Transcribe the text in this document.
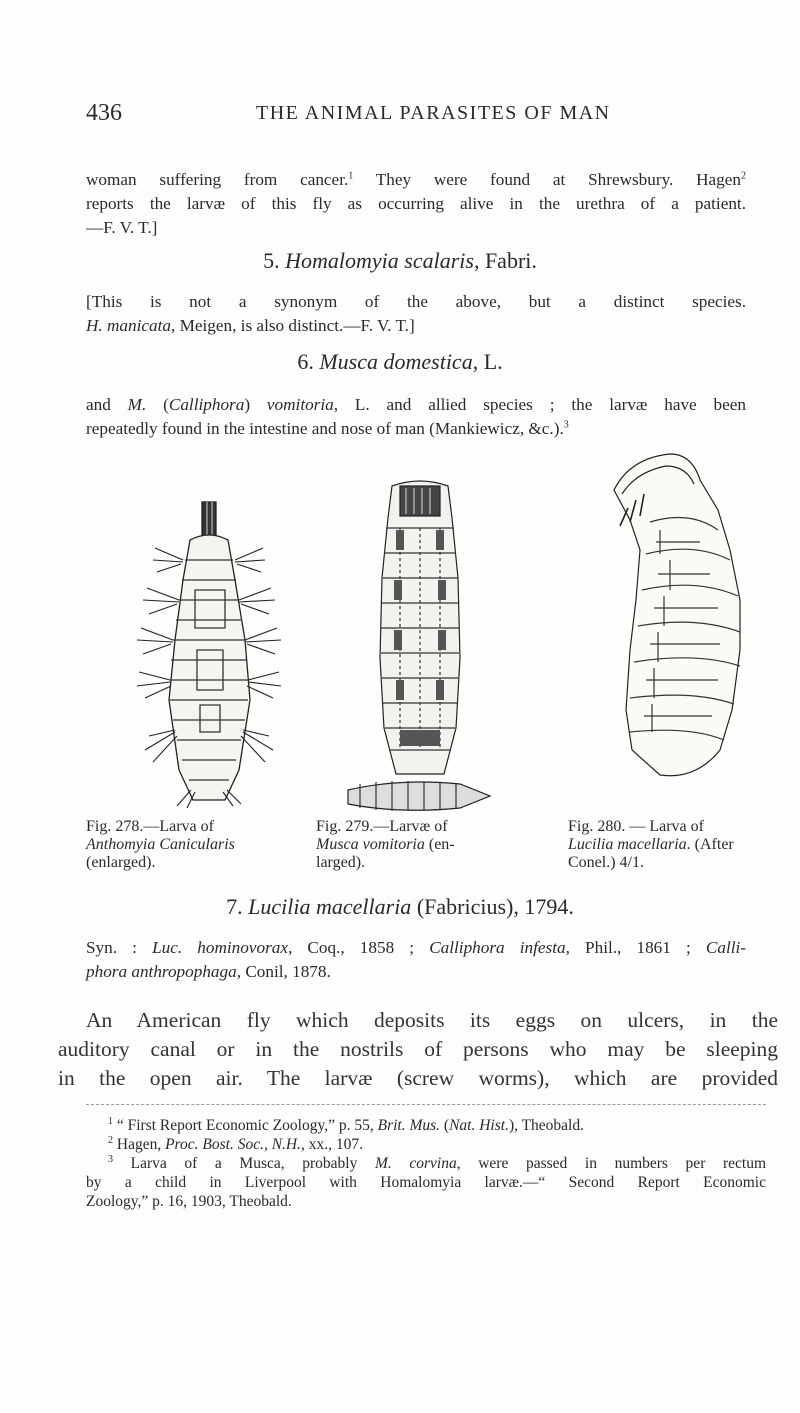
436	THE ANIMAL PARASITES OF MAN
woman suffering from cancer.$^1$ They were found at Shrewsbury. Hagen$^2$
reports the larvæ of this fly as occurring alive in the urethra of a patient.
—F. V. T.]
5. Homalomyia scalaris, Fabri.
[This is not a synonym of the above, but a distinct species.
H. manicata, Meigen, is also distinct.—F. V. T.]
6. Musca domestica, L.
and M. (Calliphora) vomitoria, L. and allied species ; the larvæ have been
repeatedly found in the intestine and nose of man (Mankiewicz, &c.).$^3$
Fig. 278.—Larva of
Anthomyia Canicularis
(enlarged).
Fig. 279.—Larvæ of
Musca vomitoria (en-
larged).
Fig. 280. — Larva of
Lucilia macellaria. (After
Conel.) 4/1.
7. Lucilia macellaria (Fabricius), 1794.
Syn. : Luc. hominovorax, Coq., 1858 ; Calliphora infesta, Phil., 1861 ; Calli-
phora anthropophaga, Conil, 1878.
An American fly which deposits its eggs on ulcers, in the
auditory canal or in the nostrils of persons who may be sleeping
in the open air. The larvæ (screw worms), which are provided
$^1$ “ First Report Economic Zoology,” p. 55, Brit. Mus. (Nat. Hist.), Theobald.
$^2$ Hagen, Proc. Bost. Soc., N.H., xx., 107.
$^3$ Larva of a Musca, probably M. corvina, were passed in numbers per rectum
by a child in Liverpool with Homalomyia larvæ.—“ Second Report Economic
Zoology,” p. 16, 1903, Theobald.
